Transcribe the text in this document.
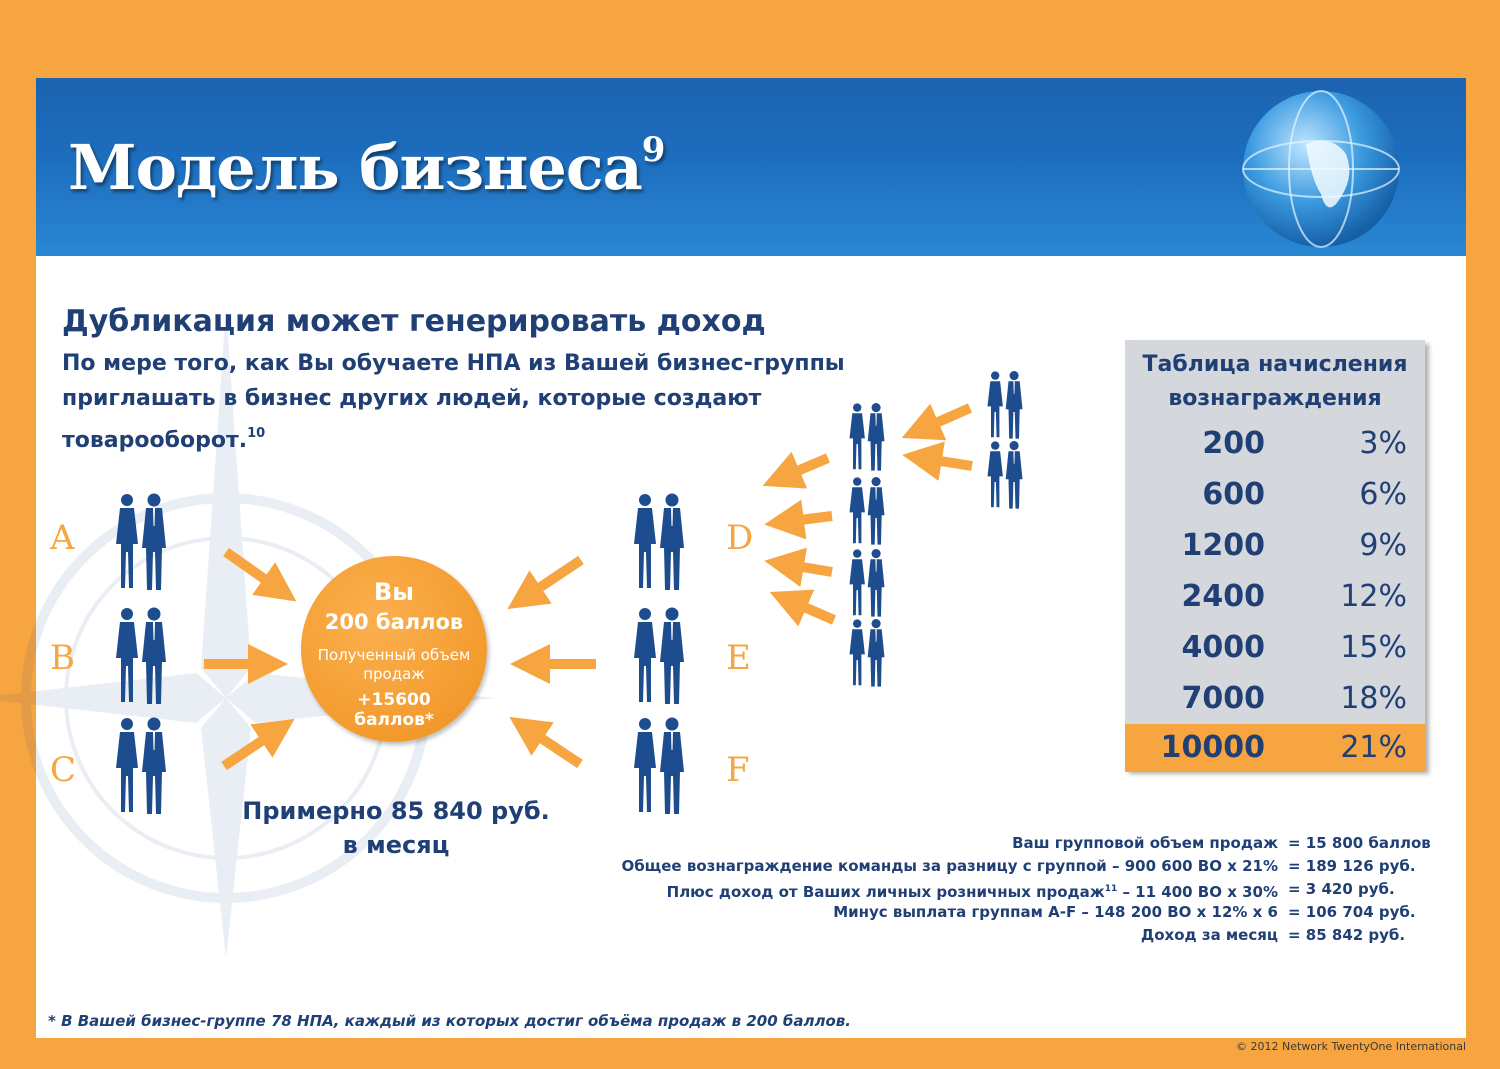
Модель бизнеса$^9$
Дубликация может генерировать доход
По мере того, как Вы обучаете НПА из Вашей бизнес-группы
приглашать в бизнес других людей, которые создают
товарооборот.$^{10}$
A
B
C
D
E
F
Вы
200 баллов
Полученный объем продаж
+15600 баллов*
Примерно 85 840 руб.
в месяц
Таблица начисления
вознаграждения
200	3%
600	6%
1200	9%
2400	12%
4000	15%
7000	18%
10000	21%
Ваш групповой объем продаж = 15 800 баллов
Общее вознаграждение команды за разницу с группой – 900 600 ВО x 21% = 189 126 руб.
Плюс доход от Ваших личных розничных продаж$^{11}$ – 11 400 ВО x 30% = 3 420 руб.
Минус выплата группам A-F – 148 200 ВО x 12% x 6 = 106 704 руб.
Доход за месяц = 85 842 руб.
* В Вашей бизнес-группе 78 НПА, каждый из которых достиг объёма продаж в 200 баллов.
© 2012 Network TwentyOne International
